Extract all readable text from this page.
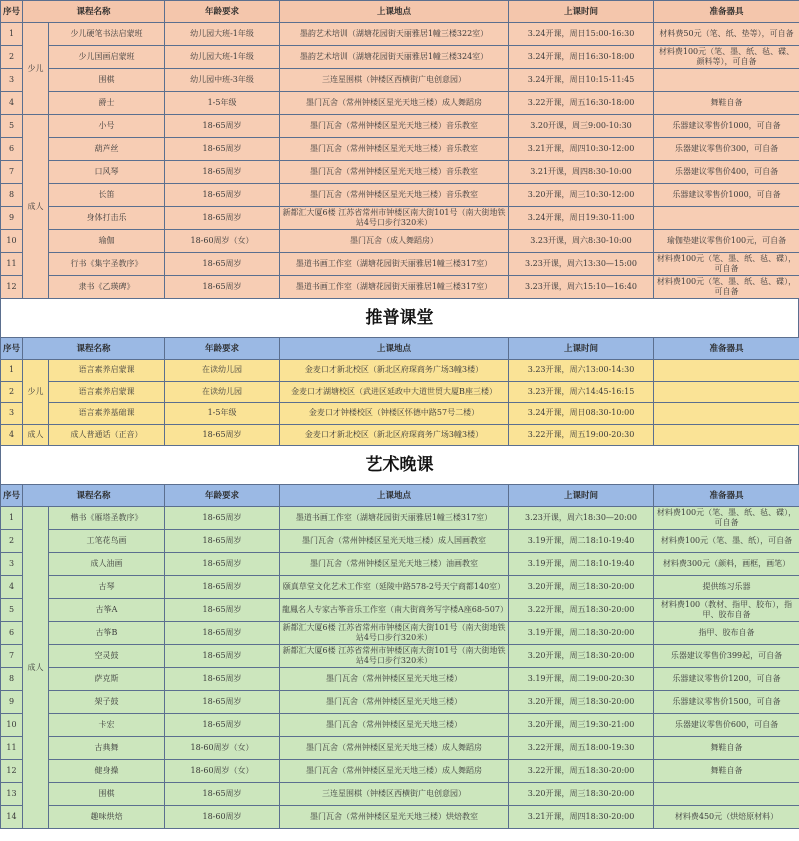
序号	课程名称		年龄要求	上课地点	上课时间	准备器具
1	少儿	少儿硬笔书法启蒙班	幼儿园大班-1年级	墨韵艺术培训（湖塘花园街天丽雅居1幢三楼322室）	3.24开课，周日15:00-16:30	材料费50元（笔、纸、垫等），可自备
2		少儿国画启蒙班	幼儿园大班-1年级	墨韵艺术培训（湖塘花园街天丽雅居1幢三楼324室）	3.24开课，周日16:30-18:00	材料费100元（笔、墨、纸、毡、碟、颜料等），可自备
3		围棋	幼儿园中班-3年级	三连星围棋（钟楼区西横街广电创意园）	3.24开课，周日10:15-11:45	
4		爵士	1-5年级	墨门瓦舍（常州钟楼区星光天地三楼）成人舞蹈房	3.22开课，周五16:30-18:00	舞鞋自备
5	成人	小号	18-65周岁	墨门瓦舍（常州钟楼区星光天地三楼）音乐教室	3.20开课，周三9:00-10:30	乐器建议零售价1000，可自备
6		葫芦丝	18-65周岁	墨门瓦舍（常州钟楼区星光天地三楼）音乐教室	3.21开课，周四10:30-12:00	乐器建议零售价300，可自备
7		口风琴	18-65周岁	墨门瓦舍（常州钟楼区星光天地三楼）音乐教室	3.21开课，周四8:30-10:00	乐器建议零售价400，可自备
8		长笛	18-65周岁	墨门瓦舍（常州钟楼区星光天地三楼）音乐教室	3.20开课，周三10:30-12:00	乐器建议零售价1000，可自备
9		身体打击乐	18-65周岁	新都汇大厦6楼 江苏省常州市钟楼区南大街101号（南大街地铁站4号口步行320米）	3.24开课，周日19:30-11:00	
10		瑜伽	18-60周岁（女）	墨门瓦舍（成人舞蹈房）	3.23开课，周六8:30-10:00	瑜伽垫建议零售价100元，可自备
11		行书《集字圣教序》	18-65周岁	墨道书画工作室（湖塘花园街天丽雅居1幢三楼317室）	3.23开课，周六13:30—15:00	材料费100元（笔、墨、纸、毡、碟），可自备
12		隶书《乙瑛碑》	18-65周岁	墨道书画工作室（湖塘花园街天丽雅居1幢三楼317室）	3.23开课，周六15:10—16:40	材料费100元（笔、墨、纸、毡、碟），可自备
推普课堂
序号	课程名称		年龄要求	上课地点	上课时间	准备器具
1	少儿	语言素养启蒙课	在读幼儿园	金麦口才新北校区（新北区府琛商务广场3幢3楼）	3.23开课，周六13:00-14:30	
2		语言素养启蒙课	在读幼儿园	金麦口才湖塘校区（武进区延政中大道世贸大厦B座三楼）	3.23开课，周六14:45-16:15	
3		语言素养基础课	1-5年级	金麦口才钟楼校区（钟楼区怀德中路57号二楼）	3.24开课，周日08:30-10:00	
4	成人	成人普通话（正音）	18-65周岁	金麦口才新北校区（新北区府琛商务广场3幢3楼）	3.22开课，周五19:00-20:30	
艺术晚课
序号	课程名称		年龄要求	上课地点	上课时间	准备器具
1	成人	楷书《雁塔圣教序》	18-65周岁	墨道书画工作室（湖塘花园街天丽雅居1幢三楼317室）	3.23开课，周六18:30—20:00	材料费100元（笔、墨、纸、毡、碟），可自备
2		工笔花鸟画	18-65周岁	墨门瓦舍（常州钟楼区星光天地三楼）成人国画教室	3.19开课，周二18:10-19:40	材料费100元（笔、墨、纸），可自备
3		成人油画	18-65周岁	墨门瓦舍（常州钟楼区星光天地三楼）油画教室	3.19开课，周二18:10-19:40	材料费300元（颜料，画框，画笔）
4		古琴	18-65周岁	颐真草堂文化艺术工作室（延陵中路578-2号天宁商都140室）	3.20开课，周三18:30-20:00	提供练习乐器
5		古筝A	18-65周岁	龍鳳名人专家古筝音乐工作室（南大街商务写字楼A座68-507）	3.22开课，周五18:30-20:00	材料费100（教材、指甲、胶布），指甲、胶布自备
6		古筝B	18-65周岁	新都汇大厦6楼 江苏省常州市钟楼区南大街101号（南大街地铁站4号口步行320米）	3.19开课，周二18:30-20:00	指甲、胶布自备
7		空灵鼓	18-65周岁	新都汇大厦6楼 江苏省常州市钟楼区南大街101号（南大街地铁站4号口步行320米）	3.20开课，周三18:30-20:00	乐器建议零售价399起，可自备
8		萨克斯	18-65周岁	墨门瓦舍（常州钟楼区星光天地三楼）	3.19开课，周二19:00-20:30	乐器建议零售价1200，可自备
9		架子鼓	18-65周岁	墨门瓦舍（常州钟楼区星光天地三楼）	3.20开课，周三18:30-20:00	乐器建议零售价1500，可自备
10		卡宏	18-65周岁	墨门瓦舍（常州钟楼区星光天地三楼）	3.20开课，周三19:30-21:00	乐器建议零售价600，可自备
11		古典舞	18-60周岁（女）	墨门瓦舍（常州钟楼区星光天地三楼）成人舞蹈房	3.22开课，周五18:00-19:30	舞鞋自备
12		健身操	18-60周岁（女）	墨门瓦舍（常州钟楼区星光天地三楼）成人舞蹈房	3.22开课，周五18:30-20:00	舞鞋自备
13		围棋	18-65周岁	三连星围棋（钟楼区西横街广电创意园）	3.20开课，周三18:30-20:00	
14		趣味烘焙	18-60周岁	墨门瓦舍（常州钟楼区星光天地三楼）烘焙教室	3.21开课，周四18:30-20:00	材料费450元（烘焙原材料）
